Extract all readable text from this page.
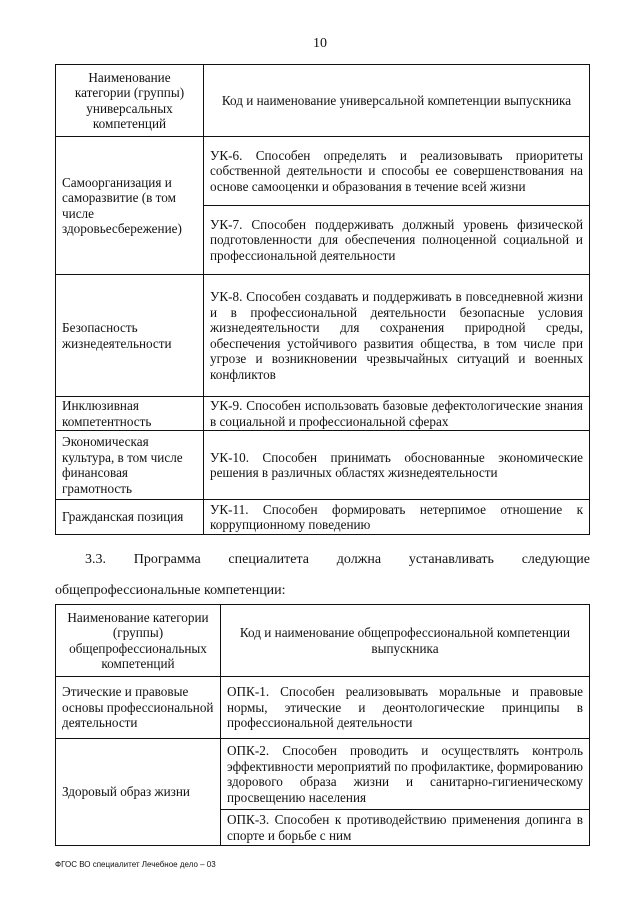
10
Наименование категории (группы) универсальных компетенций	Код и наименование универсальной компетенции выпускника
Самоорганизация и саморазвитие (в том числе здоровьесбережение)	УК-6. Способен определять и реализовывать приоритеты собственной деятельности и способы ее совершенствования на основе самооценки и образования в течение всей жизни
	УК-7. Способен поддерживать должный уровень физической подготовленности для обеспечения полноценной социальной и профессиональной деятельности
Безопасность жизнедеятельности	УК-8. Способен создавать и поддерживать в повседневной жизни и в профессиональной деятельности безопасные условия жизнедеятельности для сохранения природной среды, обеспечения устойчивого развития общества, в том числе при угрозе и возникновении чрезвычайных ситуаций и военных конфликтов
Инклюзивная компетентность	УК-9. Способен использовать базовые дефектологические знания в социальной и профессиональной сферах
Экономическая культура, в том числе финансовая грамотность	УК-10. Способен принимать обоснованные экономические решения в различных областях жизнедеятельности
Гражданская позиция	УК-11. Способен формировать нетерпимое отношение к коррупционному поведению
3.3. Программа специалитета должна устанавливать следующие
общепрофессиональные компетенции:
Наименование категории (группы) общепрофессиональных компетенций	Код и наименование общепрофессиональной компетенции выпускника
Этические и правовые основы профессиональной деятельности	ОПК-1. Способен реализовывать моральные и правовые нормы, этические и деонтологические принципы в профессиональной деятельности
Здоровый образ жизни	ОПК-2. Способен проводить и осуществлять контроль эффективности мероприятий по профилактике, формированию здорового образа жизни и санитарно-гигиеническому просвещению населения
	ОПК-3. Способен к противодействию применения допинга в спорте и борьбе с ним
ФГОС ВО специалитет Лечебное дело – 03
